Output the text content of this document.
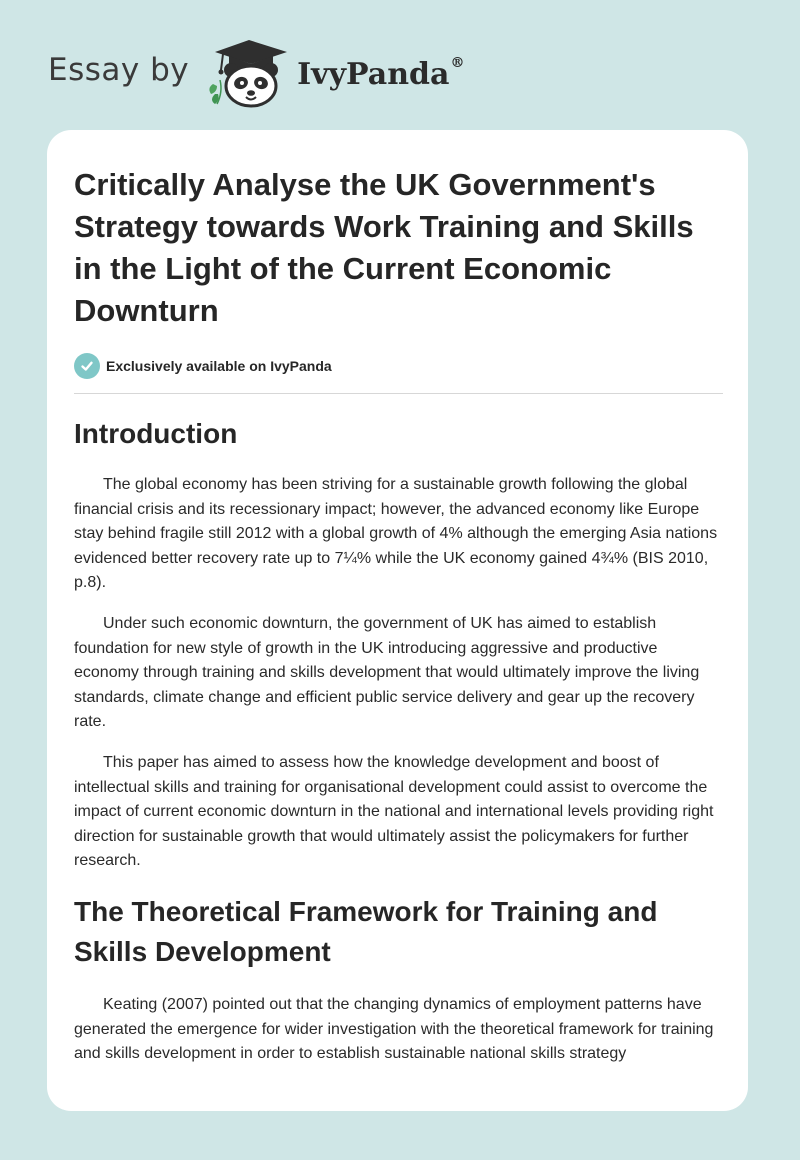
Essay by	IvyPanda®
Critically Analyse the UK Government's Strategy towards Work Training and Skills in the Light of the Current Economic Downturn
Exclusively available on IvyPanda
Introduction

The global economy has been striving for a sustainable growth following the global financial crisis and its recessionary impact; however, the advanced economy like Europe stay behind fragile still 2012 with a global growth of 4% although the emerging Asia nations evidenced better recovery rate up to 7¼% while the UK economy gained 4¾% (BIS 2010, p.8).

Under such economic downturn, the government of UK has aimed to establish foundation for new style of growth in the UK introducing aggressive and productive economy through training and skills development that would ultimately improve the living standards, climate change and efficient public service delivery and gear up the recovery rate.

This paper has aimed to assess how the knowledge development and boost of intellectual skills and training for organisational development could assist to overcome the impact of current economic downturn in the national and international levels providing right direction for sustainable growth that would ultimately assist the policymakers for further research.

The Theoretical Framework for Training and Skills Development

Keating (2007) pointed out that the changing dynamics of employment patterns have generated the emergence for wider investigation with the theoretical framework for training and skills development in order to establish sustainable national skills strategy
